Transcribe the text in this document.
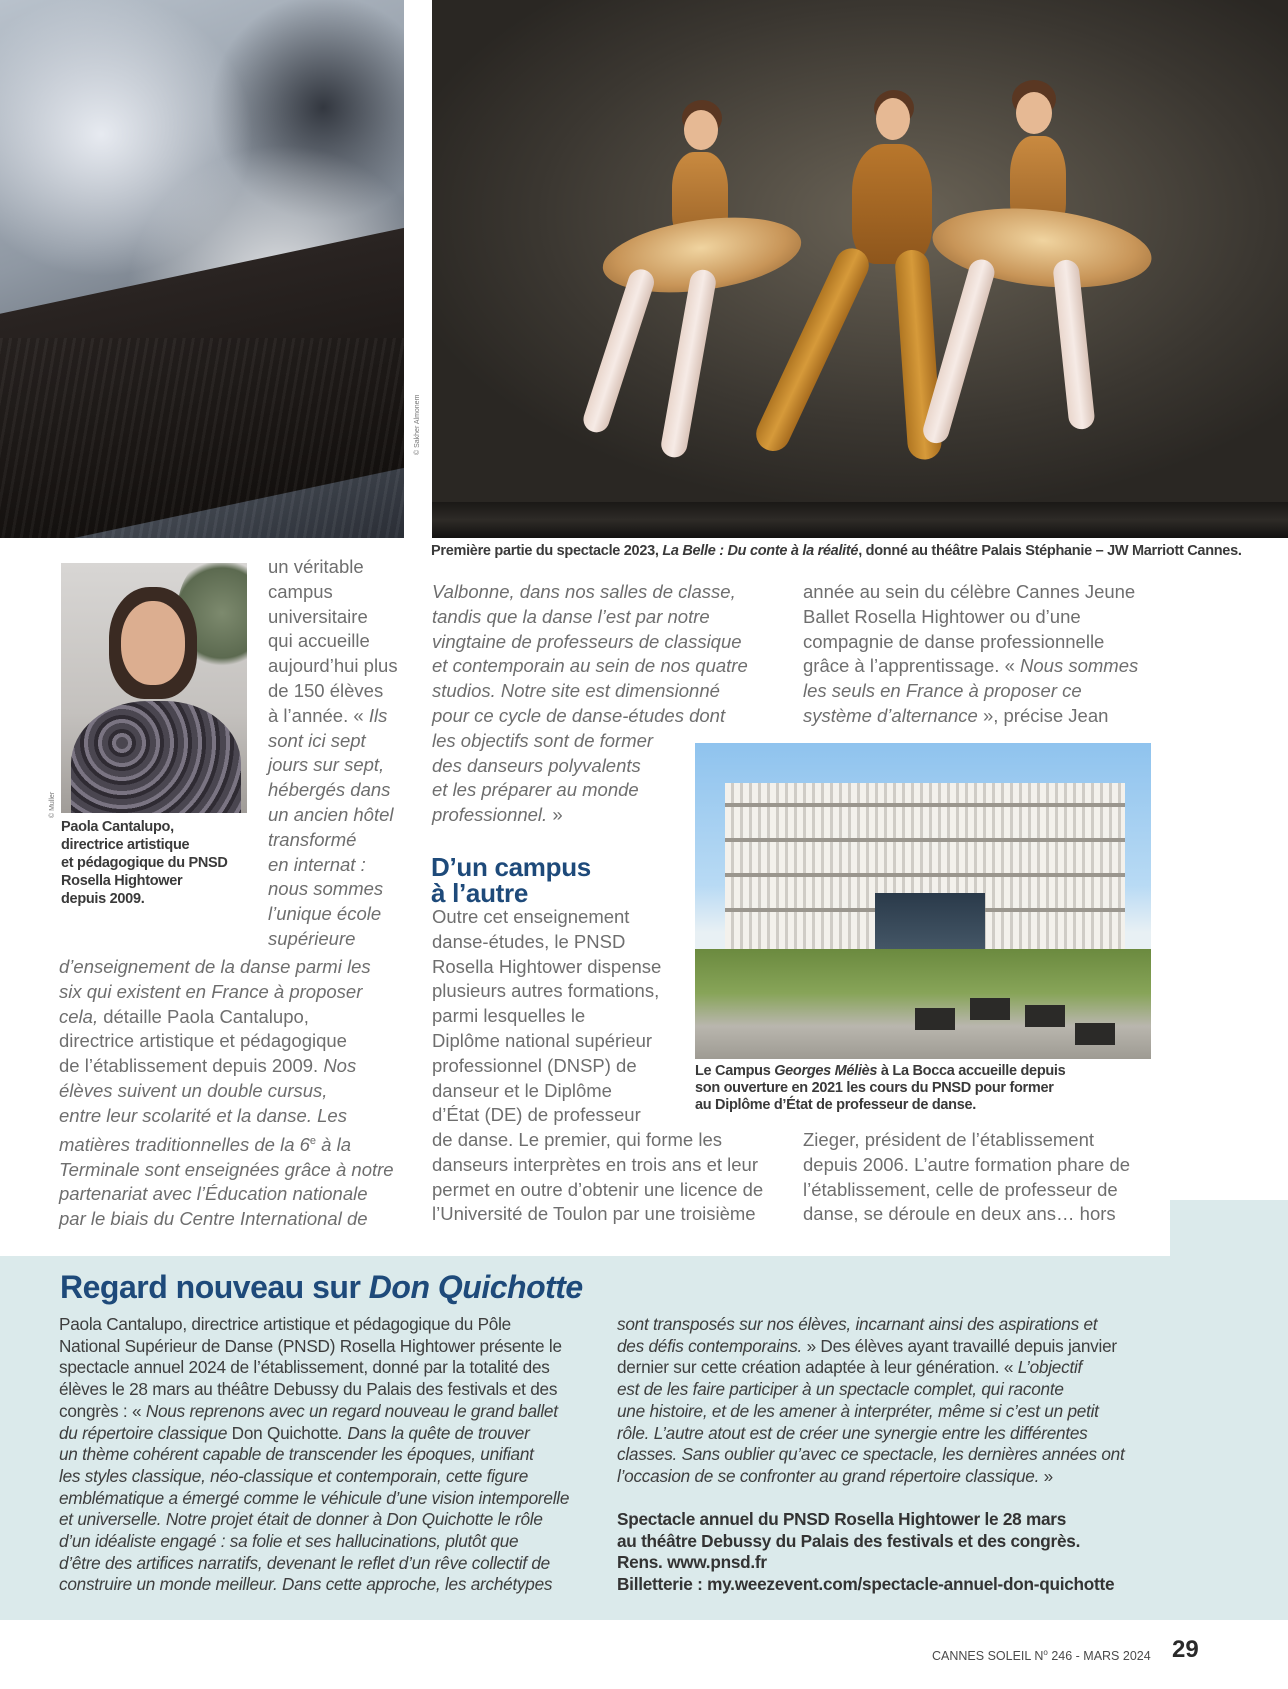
© Sakher Almonem
Première partie du spectacle 2023, La Belle : Du conte à la réalité, donné au théâtre Palais Stéphanie – JW Marriott Cannes.
© Muller
Paola Cantalupo,
directrice artistique
et pédagogique du PNSD
Rosella Hightower
depuis 2009.
un véritable
campus
universitaire
qui accueille
aujourd’hui plus
de 150 élèves
à l’année. « Ils
sont ici sept
jours sur sept,
hébergés dans
un ancien hôtel
transformé
en internat :
nous sommes
l’unique école
supérieure
d’enseignement de la danse parmi les
six qui existent en France à proposer
cela, détaille Paola Cantalupo,
directrice artistique et pédagogique
de l’établissement depuis 2009. Nos
élèves suivent un double cursus,
entre leur scolarité et la danse. Les
matières traditionnelles de la 6e à la
Terminale sont enseignées grâce à notre
partenariat avec l’Éducation nationale
par le biais du Centre International de
Valbonne, dans nos salles de classe,
tandis que la danse l’est par notre
vingtaine de professeurs de classique
et contemporain au sein de nos quatre
studios. Notre site est dimensionné
pour ce cycle de danse-études dont
les objectifs sont de former
des danseurs polyvalents
et les préparer au monde
professionnel. »
D’un campus
à l’autre
Outre cet enseignement
danse-études, le PNSD
Rosella Hightower dispense
plusieurs autres formations,
parmi lesquelles le
Diplôme national supérieur
professionnel (DNSP) de
danseur et le Diplôme
d’État (DE) de professeur
de danse. Le premier, qui forme les
danseurs interprètes en trois ans et leur
permet en outre d’obtenir une licence de
l’Université de Toulon par une troisième
année au sein du célèbre Cannes Jeune
Ballet Rosella Hightower ou d’une
compagnie de danse professionnelle
grâce à l’apprentissage. « Nous sommes
les seuls en France à proposer ce
système d’alternance », précise Jean
Le Campus Georges Méliès à La Bocca accueille depuis
son ouverture en 2021 les cours du PNSD pour former
au Diplôme d’État de professeur de danse.
Zieger, président de l’établissement
depuis 2006. L’autre formation phare de
l’établissement, celle de professeur de
danse, se déroule en deux ans… hors
Regard nouveau sur Don Quichotte
Paola Cantalupo, directrice artistique et pédagogique du Pôle
National Supérieur de Danse (PNSD) Rosella Hightower présente le
spectacle annuel 2024 de l’établissement, donné par la totalité des
élèves le 28 mars au théâtre Debussy du Palais des festivals et des
congrès : « Nous reprenons avec un regard nouveau le grand ballet
du répertoire classique Don Quichotte. Dans la quête de trouver
un thème cohérent capable de transcender les époques, unifiant
les styles classique, néo-classique et contemporain, cette figure
emblématique a émergé comme le véhicule d’une vision intemporelle
et universelle. Notre projet était de donner à Don Quichotte le rôle
d’un idéaliste engagé : sa folie et ses hallucinations, plutôt que
d’être des artifices narratifs, devenant le reflet d’un rêve collectif de
construire un monde meilleur. Dans cette approche, les archétypes
sont transposés sur nos élèves, incarnant ainsi des aspirations et
des défis contemporains. » Des élèves ayant travaillé depuis janvier
dernier sur cette création adaptée à leur génération. « L’objectif
est de les faire participer à un spectacle complet, qui raconte
une histoire, et de les amener à interpréter, même si c’est un petit
rôle. L’autre atout est de créer une synergie entre les différentes
classes. Sans oublier qu’avec ce spectacle, les dernières années ont
l’occasion de se confronter au grand répertoire classique. »
Spectacle annuel du PNSD Rosella Hightower le 28 mars
au théâtre Debussy du Palais des festivals et des congrès.
Rens. www.pnsd.fr
Billetterie : my.weezevent.com/spectacle-annuel-don-quichotte
CANNES SOLEIL $N^o$ 246 - MARS 2024 29
